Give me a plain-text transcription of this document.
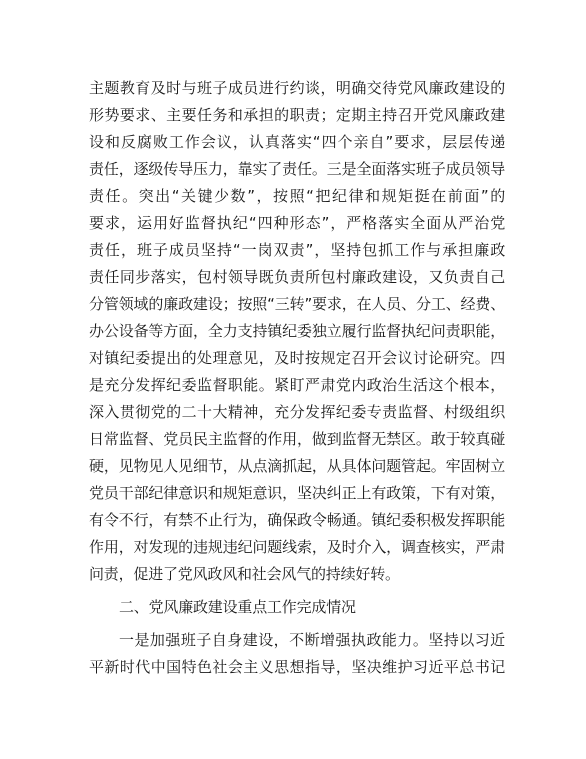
主题教育及时与班子成员进行约谈，明确交待党风廉政建设的
形势要求、主要任务和承担的职责；定期主持召开党风廉政建
设和反腐败工作会议，认真落实“四个亲自”要求，层层传递
责任，逐级传导压力，靠实了责任。三是全面落实班子成员领导
责任。突出“关键少数”，按照“把纪律和规矩挺在前面”的
要求，运用好监督执纪“四种形态”，严格落实全面从严治党
责任，班子成员坚持“一岗双责”，坚持包抓工作与承担廉政
责任同步落实，包村领导既负责所包村廉政建设，又负责自己
分管领域的廉政建设；按照“三转”要求，在人员、分工、经费、
办公设备等方面，全力支持镇纪委独立履行监督执纪问责职能，
对镇纪委提出的处理意见，及时按规定召开会议讨论研究。四
是充分发挥纪委监督职能。紧盯严肃党内政治生活这个根本，
深入贯彻党的二十大精神，充分发挥纪委专责监督、村级组织
日常监督、党员民主监督的作用，做到监督无禁区。敢于较真碰
硬，见物见人见细节，从点滴抓起，从具体问题管起。牢固树立
党员干部纪律意识和规矩意识，坚决纠正上有政策，下有对策，
有令不行，有禁不止行为，确保政令畅通。镇纪委积极发挥职能
作用，对发现的违规违纪问题线索，及时介入，调查核实，严肃
问责，促进了党风政风和社会风气的持续好转。
二、党风廉政建设重点工作完成情况
一是加强班子自身建设，不断增强执政能力。坚持以习近
平新时代中国特色社会主义思想指导，坚决维护习近平总书记
